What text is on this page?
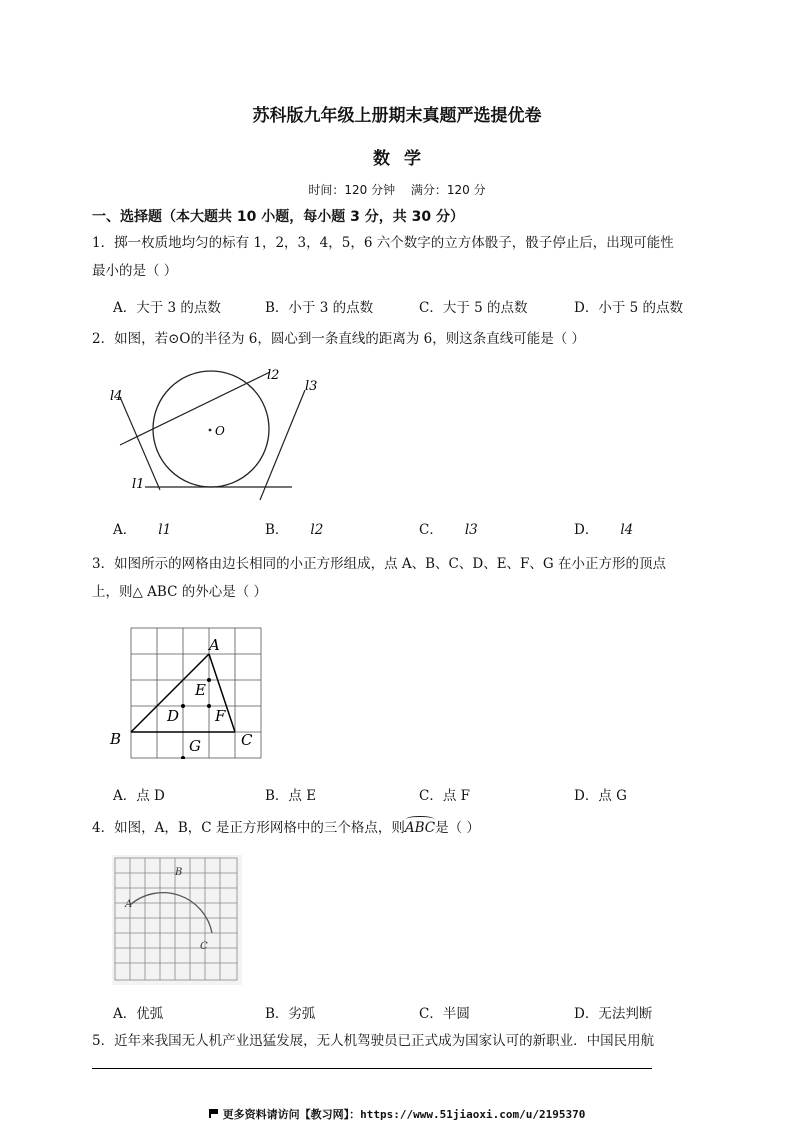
苏科版九年级上册期末真题严选提优卷
数学
时间：120 分钟 满分：120 分
一、选择题（本大题共 10 小题，每小题 3 分，共 30 分）
1．掷一枚质地均匀的标有 1，2，3，4，5，6 六个数字的立方体骰子，骰子停止后，出现可能性
最小的是（ ）
A．大于 3 的点数	B．小于 3 的点数	C．大于 5 的点数	D．小于 5 的点数
2．如图，若⊙O的半径为 6，圆心到一条直线的距离为 6，则这条直线可能是（ ）
O
l2
l3
l4
l1
A． l1	B． l2	C． l3	D． l4
3．如图所示的网格由边长相同的小正方形组成，点 A、B、C、D、E、F、G 在小正方形的顶点
上，则△ ABC 的外心是（ ）
A
B	C
D
E
F
G
A．点 D	B．点 E	C．点 F	D．点 G
4．如图，A，B，C 是正方形网格中的三个格点，则
ABC是（ ）
A
B
C
A．优弧	B．劣弧	C．半圆	D．无法判断
5．近年来我国无人机产业迅猛发展，无人机驾驶员已正式成为国家认可的新职业．中国民用航
更多资料请访问【教习网】：https://www.51jiaoxi.com/u/2195370
